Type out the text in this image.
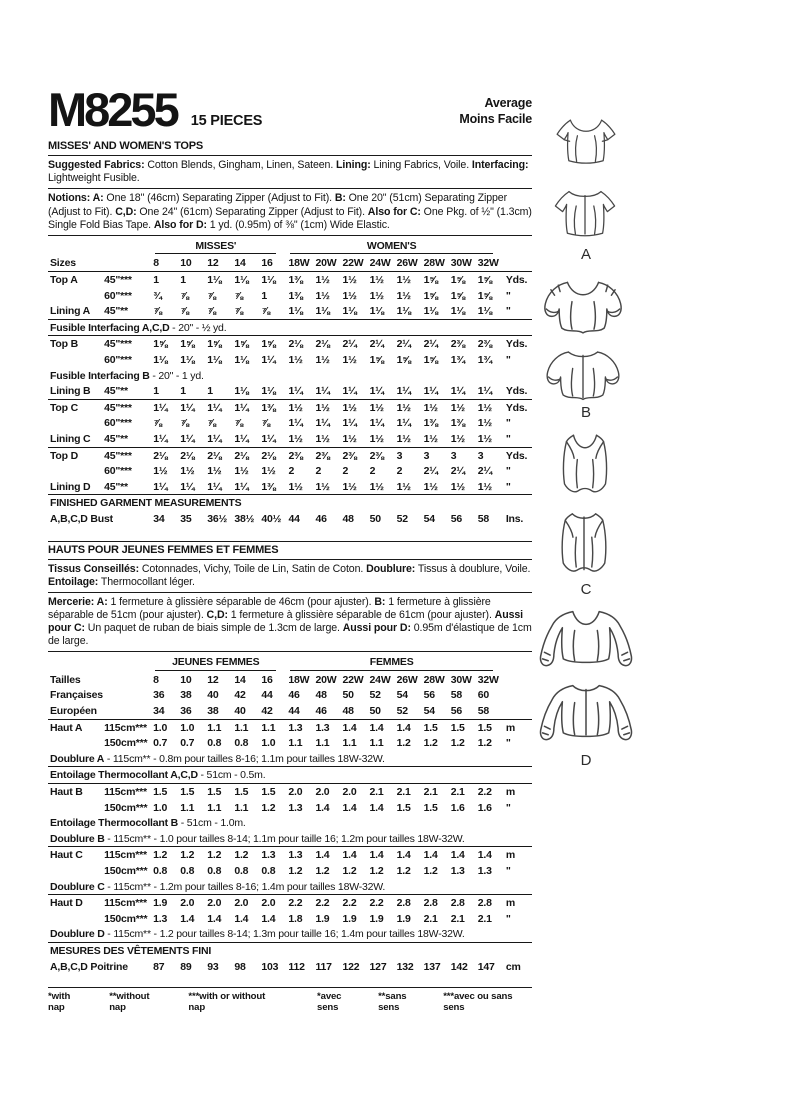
M8255 15 PIECES
Average
Moins Facile
MISSES' AND WOMEN'S TOPS
Suggested Fabrics: Cotton Blends, Gingham, Linen, Sateen. Lining: Lining Fabrics, Voile. Interfacing: Lightweight Fusible.
Notions: A: One 18" (46cm) Separating Zipper (Adjust to Fit). B: One 20" (51cm) Separating Zipper (Adjust to Fit). C,D: One 24" (61cm) Separating Zipper (Adjust to Fit). Also for C: One Pkg. of ½" (1.3cm) Single Fold Bias Tape. Also for D: 1 yd. (0.95m) of ⅜" (1cm) Wide Elastic.

		MISSES'					WOMEN'S								

Sizes		8	10	12	14	16	18W	20W	22W	24W	26W	28W	30W	32W	
Top A	45"***	1	1	1⅛	1⅛	1⅛	1⅜	1½	1½	1½	1½	1⅝	1⅝	1⅝	Yds.
	60"***	¾	⅞	⅞	⅞	1	1⅜	1½	1½	1½	1½	1⅝	1⅝	1⅝	"
Lining A	45"**	⅞	⅞	⅞	⅞	⅞	1⅛	1⅛	1⅛	1⅛	1⅛	1⅛	1⅛	1⅛	"
Fusible Interfacing A,C,D - 20" - ½ yd.															
Top B	45"***	1⅝	1⅝	1⅝	1⅝	1⅝	2⅛	2⅛	2¼	2¼	2¼	2¼	2⅜	2⅜	Yds.
	60"***	1⅛	1⅛	1⅛	1⅛	1¼	1½	1½	1½	1⅝	1⅝	1⅝	1¾	1¾	"
Fusible Interfacing B - 20" - 1 yd.															
Lining B	45"**	1	1	1	1⅛	1⅛	1¼	1¼	1¼	1¼	1¼	1¼	1¼	1¼	Yds.
Top C	45"***	1¼	1¼	1¼	1¼	1⅜	1½	1½	1½	1½	1½	1½	1½	1½	Yds.
	60"***	⅞	⅞	⅞	⅞	⅞	1¼	1¼	1¼	1¼	1¼	1⅜	1⅜	1½	"
Lining C	45"**	1¼	1¼	1¼	1¼	1¼	1½	1½	1½	1½	1½	1½	1½	1½	"
Top D	45"***	2⅛	2⅛	2⅛	2⅛	2⅛	2⅜	2⅜	2⅜	2⅜	3	3	3	3	Yds.
	60"***	1½	1½	1½	1½	1½	2	2	2	2	2	2¼	2¼	2¼	"
Lining D	45"**	1¼	1¼	1¼	1¼	1⅜	1½	1½	1½	1½	1½	1½	1½	1½	"
FINISHED GARMENT MEASUREMENTS															
A,B,C,D Bust		34	35	36½	38½	40½	44	46	48	50	52	54	56	58	Ins.
HAUTS POUR JEUNES FEMMES ET FEMMES
Tissus Conseillés: Cotonnades, Vichy, Toile de Lin, Satin de Coton. Doublure: Tissus à doublure, Voile. Entoilage: Thermocollant léger.
Mercerie: A: 1 fermeture à glissière séparable de 46cm (pour ajuster). B: 1 fermeture à glissière séparable de 51cm (pour ajuster). C,D: 1 fermeture à glissière séparable de 61cm (pour ajuster). Aussi pour C: Un paquet de ruban de biais simple de 1.3cm de large. Aussi pour D: 0.95m d'élastique de 1cm de large.

		JEUNES FEMMES					FEMMES								

Tailles		8	10	12	14	16	18W	20W	22W	24W	26W	28W	30W	32W	
Françaises		36	38	40	42	44	46	48	50	52	54	56	58	60	
Européen		34	36	38	40	42	44	46	48	50	52	54	56	58	
Haut A	115cm***	1.0	1.0	1.1	1.1	1.1	1.3	1.3	1.4	1.4	1.4	1.5	1.5	1.5	m
	150cm***	0.7	0.7	0.8	0.8	1.0	1.1	1.1	1.1	1.1	1.2	1.2	1.2	1.2	"
Doublure A - 115cm** - 0.8m pour tailles 8-16; 1.1m pour tailles 18W-32W.															
Entoilage Thermocollant A,C,D - 51cm - 0.5m.															
Haut B	115cm***	1.5	1.5	1.5	1.5	1.5	2.0	2.0	2.0	2.1	2.1	2.1	2.1	2.2	m
	150cm***	1.0	1.1	1.1	1.1	1.2	1.3	1.4	1.4	1.4	1.5	1.5	1.6	1.6	"
Entoilage Thermocollant B - 51cm - 1.0m.															
Doublure B - 115cm** - 1.0 pour tailles 8-14; 1.1m pour taille 16; 1.2m pour tailles 18W-32W.															
Haut C	115cm***	1.2	1.2	1.2	1.2	1.3	1.3	1.4	1.4	1.4	1.4	1.4	1.4	1.4	m
	150cm***	0.8	0.8	0.8	0.8	0.8	1.2	1.2	1.2	1.2	1.2	1.2	1.3	1.3	"
Doublure C - 115cm** - 1.2m pour tailles 8-16; 1.4m pour tailles 18W-32W.															
Haut D	115cm***	1.9	2.0	2.0	2.0	2.0	2.2	2.2	2.2	2.2	2.8	2.8	2.8	2.8	m
	150cm***	1.3	1.4	1.4	1.4	1.4	1.8	1.9	1.9	1.9	1.9	2.1	2.1	2.1	"
Doublure D - 115cm** - 1.2 pour tailles 8-14; 1.3m pour taille 16; 1.4m pour tailles 18W-32W.															
MESURES DES VÊTEMENTS FINI															
A,B,C,D Poitrine		87	89	93	98	103	112	117	122	127	132	137	142	147	cm
*with nap
**without nap
***with or without nap
*avec sens
**sans sens
***avec ou sans sens
A
B
C
D
